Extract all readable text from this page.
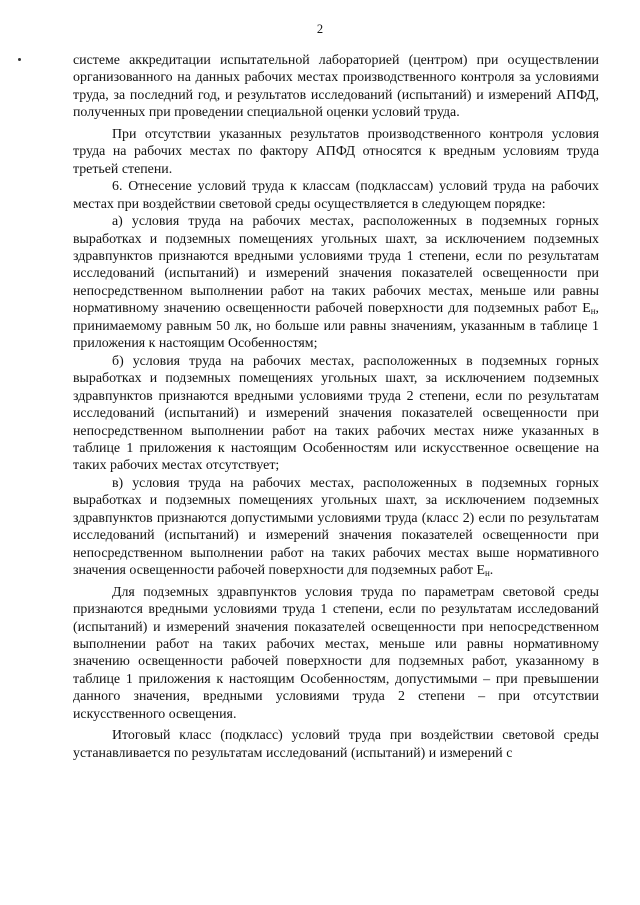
2

системе аккредитации испытательной лабораторией (центром) при осуществлении организованного на данных рабочих местах производственного контроля за условиями труда, за последний год, и результатов исследований (испытаний) и измерений АПФД, полученных при проведении специальной оценки условий труда.

При отсутствии указанных результатов производственного контроля условия труда на рабочих местах по фактору АПФД относятся к вредным условиям труда третьей степени.

6. Отнесение условий труда к классам (подклассам) условий труда на рабочих местах при воздействии световой среды осуществляется в следующем порядке:

а) условия труда на рабочих местах, расположенных в подземных горных выработках и подземных помещениях угольных шахт, за исключением подземных здравпунктов признаются вредными условиями труда 1 степени, если по результатам исследований (испытаний) и измерений значения показателей освещенности при непосредственном выполнении работ на таких рабочих местах, меньше или равны нормативному значению освещенности рабочей поверхности для подземных работ $Е_н$, принимаемому равным 50 лк, но больше или равны значениям, указанным в таблице 1 приложения к настоящим Особенностям;

б) условия труда на рабочих местах, расположенных в подземных горных выработках и подземных помещениях угольных шахт, за исключением подземных здравпунктов признаются вредными условиями труда 2 степени, если по результатам исследований (испытаний) и измерений значения показателей освещенности при непосредственном выполнении работ на таких рабочих местах ниже указанных в таблице 1 приложения к настоящим Особенностям или искусственное освещение на таких рабочих местах отсутствует;

в) условия труда на рабочих местах, расположенных в подземных горных выработках и подземных помещениях угольных шахт, за исключением подземных здравпунктов признаются допустимыми условиями труда (класс 2) если по результатам исследований (испытаний) и измерений значения показателей освещенности при непосредственном выполнении работ на таких рабочих местах выше нормативного значения освещенности рабочей поверхности для подземных работ $Е_н$.

Для подземных здравпунктов условия труда по параметрам световой среды признаются вредными условиями труда 1 степени, если по результатам исследований (испытаний) и измерений значения показателей освещенности при непосредственном выполнении работ на таких рабочих местах, меньше или равны нормативному значению освещенности рабочей поверхности для подземных работ, указанному в таблице 1 приложения к настоящим Особенностям, допустимыми – при превышении данного значения, вредными условиями труда 2 степени – при отсутствии искусственного освещения.

Итоговый класс (подкласс) условий труда при воздействии световой среды устанавливается по результатам исследований (испытаний) и измерений с
